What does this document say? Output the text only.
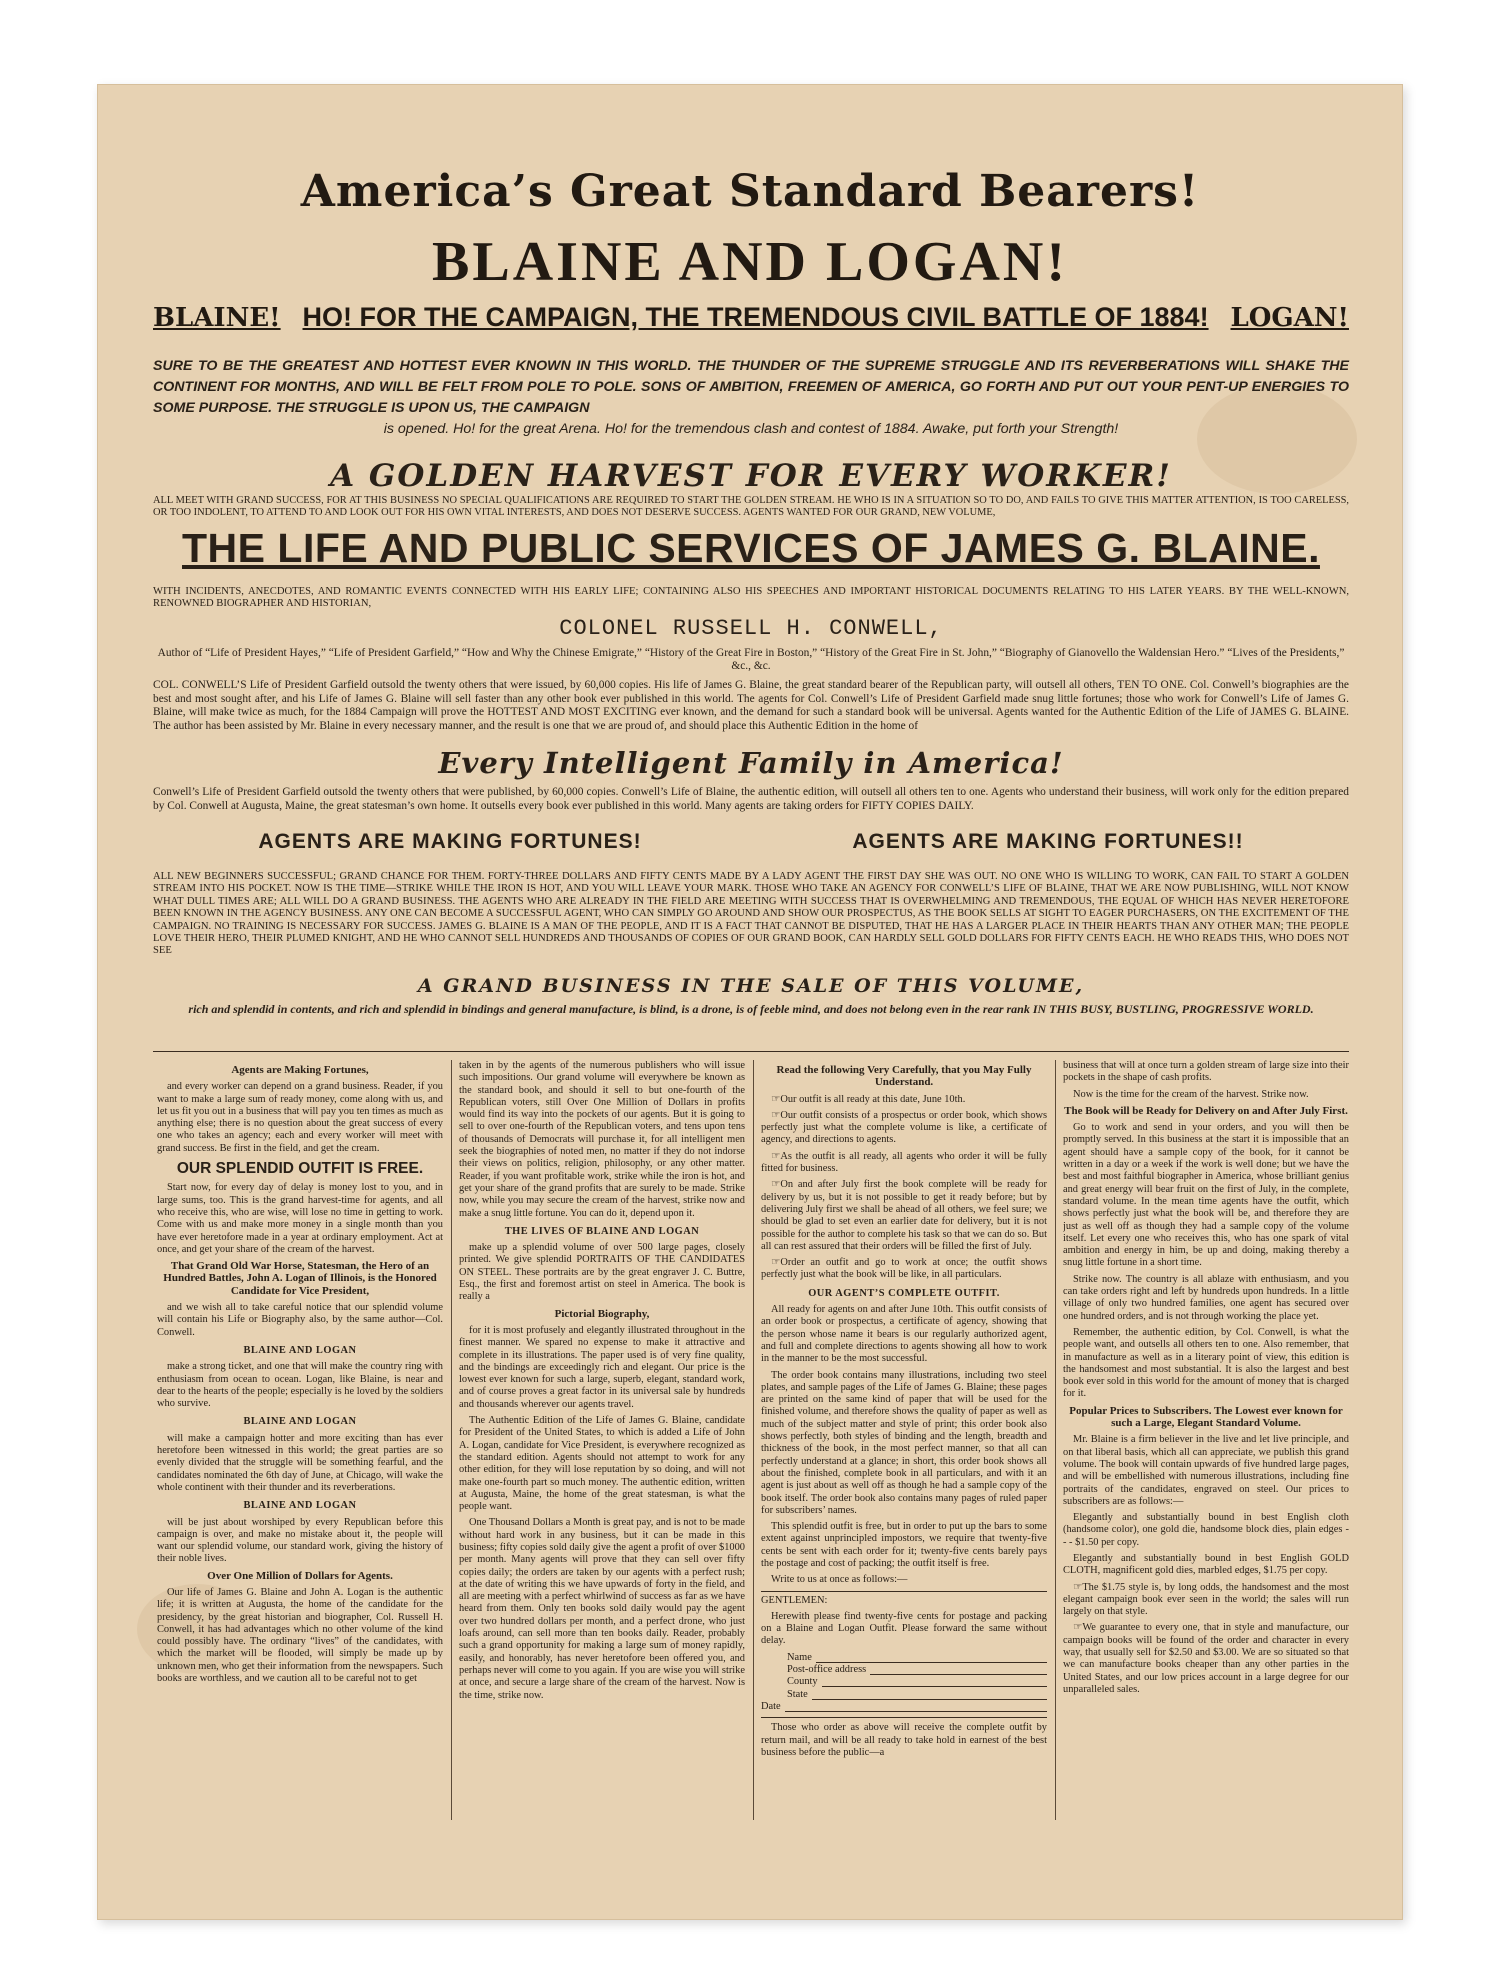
America’s Great Standard Bearers!
BLAINE AND LOGAN!
BLAINE! HO! FOR THE CAMPAIGN, THE TREMENDOUS CIVIL BATTLE OF 1884! LOGAN!
SURE TO BE THE GREATEST AND HOTTEST EVER KNOWN IN THIS WORLD. THE THUNDER OF THE SUPREME STRUGGLE AND ITS REVERBERATIONS WILL SHAKE THE CONTINENT FOR MONTHS, AND WILL BE FELT FROM POLE TO POLE. SONS OF AMBITION, FREEMEN OF AMERICA, GO FORTH AND PUT OUT YOUR PENT-UP ENERGIES TO SOME PURPOSE. THE STRUGGLE IS UPON US, THE CAMPAIGN
is opened. Ho! for the great Arena. Ho! for the tremendous clash and contest of 1884. Awake, put forth your Strength!
A GOLDEN HARVEST FOR EVERY WORKER!
ALL MEET WITH GRAND SUCCESS, FOR AT THIS BUSINESS NO SPECIAL QUALIFICATIONS ARE REQUIRED TO START THE GOLDEN STREAM. HE WHO IS IN A SITUATION SO TO DO, AND FAILS TO GIVE THIS MATTER ATTENTION, IS TOO CARELESS, OR TOO INDOLENT, TO ATTEND TO AND LOOK OUT FOR HIS OWN VITAL INTERESTS, AND DOES NOT DESERVE SUCCESS. AGENTS WANTED FOR OUR GRAND, NEW VOLUME,
THE LIFE AND PUBLIC SERVICES OF JAMES G. BLAINE.
WITH INCIDENTS, ANECDOTES, AND ROMANTIC EVENTS CONNECTED WITH HIS EARLY LIFE; CONTAINING ALSO HIS SPEECHES AND IMPORTANT HISTORICAL DOCUMENTS RELATING TO HIS LATER YEARS. BY THE WELL-KNOWN, RENOWNED BIOGRAPHER AND HISTORIAN,
COLONEL RUSSELL H. CONWELL,
Author of “Life of President Hayes,” “Life of President Garfield,” “How and Why the Chinese Emigrate,” “History of the Great Fire in Boston,” “History of the Great Fire in St. John,” “Biography of Gianovello the Waldensian Hero.” “Lives of the Presidents,” &c., &c.
COL. CONWELL’S Life of President Garfield outsold the twenty others that were issued, by 60,000 copies. His life of James G. Blaine, the great standard bearer of the Republican party, will outsell all others, TEN TO ONE. Col. Conwell’s biographies are the best and most sought after, and his Life of James G. Blaine will sell faster than any other book ever published in this world. The agents for Col. Conwell’s Life of President Garfield made snug little fortunes; those who work for Conwell’s Life of James G. Blaine, will make twice as much, for the 1884 Campaign will prove the HOTTEST AND MOST EXCITING ever known, and the demand for such a standard book will be universal. Agents wanted for the Authentic Edition of the Life of JAMES G. BLAINE. The author has been assisted by Mr. Blaine in every necessary manner, and the result is one that we are proud of, and should place this Authentic Edition in the home of
Every Intelligent Family in America!
Conwell’s Life of President Garfield outsold the twenty others that were published, by 60,000 copies. Conwell’s Life of Blaine, the authentic edition, will outsell all others ten to one. Agents who understand their business, will work only for the edition prepared by Col. Conwell at Augusta, Maine, the great statesman’s own home. It outsells every book ever published in this world. Many agents are taking orders for FIFTY COPIES DAILY.
AGENTS ARE MAKING FORTUNES!	AGENTS ARE MAKING FORTUNES!!
ALL NEW BEGINNERS SUCCESSFUL; GRAND CHANCE FOR THEM. FORTY-THREE DOLLARS AND FIFTY CENTS MADE BY A LADY AGENT THE FIRST DAY SHE WAS OUT. NO ONE WHO IS WILLING TO WORK, CAN FAIL TO START A GOLDEN STREAM INTO HIS POCKET. NOW IS THE TIME—STRIKE WHILE THE IRON IS HOT, AND YOU WILL LEAVE YOUR MARK. THOSE WHO TAKE AN AGENCY FOR CONWELL’S LIFE OF BLAINE, THAT WE ARE NOW PUBLISHING, WILL NOT KNOW WHAT DULL TIMES ARE; ALL WILL DO A GRAND BUSINESS. THE AGENTS WHO ARE ALREADY IN THE FIELD ARE MEETING WITH SUCCESS THAT IS OVERWHELMING AND TREMENDOUS, THE EQUAL OF WHICH HAS NEVER HERETOFORE BEEN KNOWN IN THE AGENCY BUSINESS. ANY ONE CAN BECOME A SUCCESSFUL AGENT, WHO CAN SIMPLY GO AROUND AND SHOW OUR PROSPECTUS, AS THE BOOK SELLS AT SIGHT TO EAGER PURCHASERS, ON THE EXCITEMENT OF THE CAMPAIGN. NO TRAINING IS NECESSARY FOR SUCCESS. JAMES G. BLAINE IS A MAN OF THE PEOPLE, AND IT IS A FACT THAT CANNOT BE DISPUTED, THAT HE HAS A LARGER PLACE IN THEIR HEARTS THAN ANY OTHER MAN; THE PEOPLE LOVE THEIR HERO, THEIR PLUMED KNIGHT, AND HE WHO CANNOT SELL HUNDREDS AND THOUSANDS OF COPIES OF OUR GRAND BOOK, CAN HARDLY SELL GOLD DOLLARS FOR FIFTY CENTS EACH. HE WHO READS THIS, WHO DOES NOT SEE
A GRAND BUSINESS IN THE SALE OF THIS VOLUME,
rich and splendid in contents, and rich and splendid in bindings and general manufacture, is blind, is a drone, is of feeble mind, and does not belong even in the rear rank IN THIS BUSY, BUSTLING, PROGRESSIVE WORLD.
Agents are Making Fortunes,

and every worker can depend on a grand business. Reader, if you want to make a large sum of ready money, come along with us, and let us fit you out in a business that will pay you ten times as much as anything else; there is no question about the great success of every one who takes an agency; each and every worker will meet with grand success. Be first in the field, and get the cream.

OUR SPLENDID OUTFIT IS FREE.

Start now, for every day of delay is money lost to you, and in large sums, too. This is the grand harvest-time for agents, and all who receive this, who are wise, will lose no time in getting to work. Come with us and make more money in a single month than you have ever heretofore made in a year at ordinary employment. Act at once, and get your share of the cream of the harvest.

That Grand Old War Horse, Statesman, the Hero of an Hundred Battles, John A. Logan of Illinois, is the Honored Candidate for Vice President,

and we wish all to take careful notice that our splendid volume will contain his Life or Biography also, by the same author—Col. Conwell.

BLAINE AND LOGAN

make a strong ticket, and one that will make the country ring with enthusiasm from ocean to ocean. Logan, like Blaine, is near and dear to the hearts of the people; especially is he loved by the soldiers who survive.

BLAINE AND LOGAN

will make a campaign hotter and more exciting than has ever heretofore been witnessed in this world; the great parties are so evenly divided that the struggle will be something fearful, and the candidates nominated the 6th day of June, at Chicago, will wake the whole continent with their thunder and its reverberations.

BLAINE AND LOGAN

will be just about worshiped by every Republican before this campaign is over, and make no mistake about it, the people will want our splendid volume, our standard work, giving the history of their noble lives.

Over One Million of Dollars for Agents.

Our life of James G. Blaine and John A. Logan is the authentic life; it is written at Augusta, the home of the candidate for the presidency, by the great historian and biographer, Col. Russell H. Conwell, it has had advantages which no other volume of the kind could possibly have. The ordinary “lives” of the candidates, with which the market will be flooded, will simply be made up by unknown men, who get their information from the newspapers. Such books are worthless, and we caution all to be careful not to get

taken in by the agents of the numerous publishers who will issue such impositions. Our grand volume will everywhere be known as the standard book, and should it sell to but one-fourth of the Republican voters, still Over One Million of Dollars in profits would find its way into the pockets of our agents. But it is going to sell to over one-fourth of the Republican voters, and tens upon tens of thousands of Democrats will purchase it, for all intelligent men seek the biographies of noted men, no matter if they do not indorse their views on politics, religion, philosophy, or any other matter. Reader, if you want profitable work, strike while the iron is hot, and get your share of the grand profits that are surely to be made. Strike now, while you may secure the cream of the harvest, strike now and make a snug little fortune. You can do it, depend upon it.

THE LIVES OF BLAINE AND LOGAN

make up a splendid volume of over 500 large pages, closely printed. We give splendid PORTRAITS OF THE CANDIDATES ON STEEL. These portraits are by the great engraver J. C. Buttre, Esq., the first and foremost artist on steel in America. The book is really a

Pictorial Biography,

for it is most profusely and elegantly illustrated throughout in the finest manner. We spared no expense to make it attractive and complete in its illustrations. The paper used is of very fine quality, and the bindings are exceedingly rich and elegant. Our price is the lowest ever known for such a large, superb, elegant, standard work, and of course proves a great factor in its universal sale by hundreds and thousands wherever our agents travel.

The Authentic Edition of the Life of James G. Blaine, candidate for President of the United States, to which is added a Life of John A. Logan, candidate for Vice President, is everywhere recognized as the standard edition. Agents should not attempt to work for any other edition, for they will lose reputation by so doing, and will not make one-fourth part so much money. The authentic edition, written at Augusta, Maine, the home of the great statesman, is what the people want.

One Thousand Dollars a Month is great pay, and is not to be made without hard work in any business, but it can be made in this business; fifty copies sold daily give the agent a profit of over $1000 per month. Many agents will prove that they can sell over fifty copies daily; the orders are taken by our agents with a perfect rush; at the date of writing this we have upwards of forty in the field, and all are meeting with a perfect whirlwind of success as far as we have heard from them. Only ten books sold daily would pay the agent over two hundred dollars per month, and a perfect drone, who just loafs around, can sell more than ten books daily. Reader, probably such a grand opportunity for making a large sum of money rapidly, easily, and honorably, has never heretofore been offered you, and perhaps never will come to you again. If you are wise you will strike at once, and secure a large share of the cream of the harvest. Now is the time, strike now.

Read the following Very Carefully, that you May Fully Understand.

☞Our outfit is all ready at this date, June 10th.

☞Our outfit consists of a prospectus or order book, which shows perfectly just what the complete volume is like, a certificate of agency, and directions to agents.

☞As the outfit is all ready, all agents who order it will be fully fitted for business.

☞On and after July first the book complete will be ready for delivery by us, but it is not possible to get it ready before; but by delivering July first we shall be ahead of all others, we feel sure; we should be glad to set even an earlier date for delivery, but it is not possible for the author to complete his task so that we can do so. But all can rest assured that their orders will be filled the first of July.

☞Order an outfit and go to work at once; the outfit shows perfectly just what the book will be like, in all particulars.

OUR AGENT’S COMPLETE OUTFIT.

All ready for agents on and after June 10th. This outfit consists of an order book or prospectus, a certificate of agency, showing that the person whose name it bears is our regularly authorized agent, and full and complete directions to agents showing all how to work in the manner to be the most successful.

The order book contains many illustrations, including two steel plates, and sample pages of the Life of James G. Blaine; these pages are printed on the same kind of paper that will be used for the finished volume, and therefore shows the quality of paper as well as much of the subject matter and style of print; this order book also shows perfectly, both styles of binding and the length, breadth and thickness of the book, in the most perfect manner, so that all can perfectly understand at a glance; in short, this order book shows all about the finished, complete book in all particulars, and with it an agent is just about as well off as though he had a sample copy of the book itself. The order book also contains many pages of ruled paper for subscribers’ names.

This splendid outfit is free, but in order to put up the bars to some extent against unprincipled impostors, we require that twenty-five cents be sent with each order for it; twenty-five cents barely pays the postage and cost of packing; the outfit itself is free.

Write to us at once as follows:—

GENTLEMEN:

Herewith please find twenty-five cents for postage and packing on a Blaine and Logan Outfit. Please forward the same without delay.

Name
Post-office address
County
State
Date

Those who order as above will receive the complete outfit by return mail, and will be all ready to take hold in earnest of the best business before the public—a

business that will at once turn a golden stream of large size into their pockets in the shape of cash profits.

Now is the time for the cream of the harvest. Strike now.

The Book will be Ready for Delivery on and After July First.

Go to work and send in your orders, and you will then be promptly served. In this business at the start it is impossible that an agent should have a sample copy of the book, for it cannot be written in a day or a week if the work is well done; but we have the best and most faithful biographer in America, whose brilliant genius and great energy will bear fruit on the first of July, in the complete, standard volume. In the mean time agents have the outfit, which shows perfectly just what the book will be, and therefore they are just as well off as though they had a sample copy of the volume itself. Let every one who receives this, who has one spark of vital ambition and energy in him, be up and doing, making thereby a snug little fortune in a short time.

Strike now. The country is all ablaze with enthusiasm, and you can take orders right and left by hundreds upon hundreds. In a little village of only two hundred families, one agent has secured over one hundred orders, and is not through working the place yet.

Remember, the authentic edition, by Col. Conwell, is what the people want, and outsells all others ten to one. Also remember, that in manufacture as well as in a literary point of view, this edition is the handsomest and most substantial. It is also the largest and best book ever sold in this world for the amount of money that is charged for it.

Popular Prices to Subscribers. The Lowest ever known for such a Large, Elegant Standard Volume.

Mr. Blaine is a firm believer in the live and let live principle, and on that liberal basis, which all can appreciate, we publish this grand volume. The book will contain upwards of five hundred large pages, and will be embellished with numerous illustrations, including fine portraits of the candidates, engraved on steel. Our prices to subscribers are as follows:—

Elegantly and substantially bound in best English cloth (handsome color), one gold die, handsome block dies, plain edges - - - $1.50 per copy.

Elegantly and substantially bound in best English GOLD CLOTH, magnificent gold dies, marbled edges, $1.75 per copy.

☞The $1.75 style is, by long odds, the handsomest and the most elegant campaign book ever seen in the world; the sales will run largely on that style.

☞We guarantee to every one, that in style and manufacture, our campaign books will be found of the order and character in every way, that usually sell for $2.50 and $3.00. We are so situated so that we can manufacture books cheaper than any other parties in the United States, and our low prices account in a large degree for our unparalleled sales.
